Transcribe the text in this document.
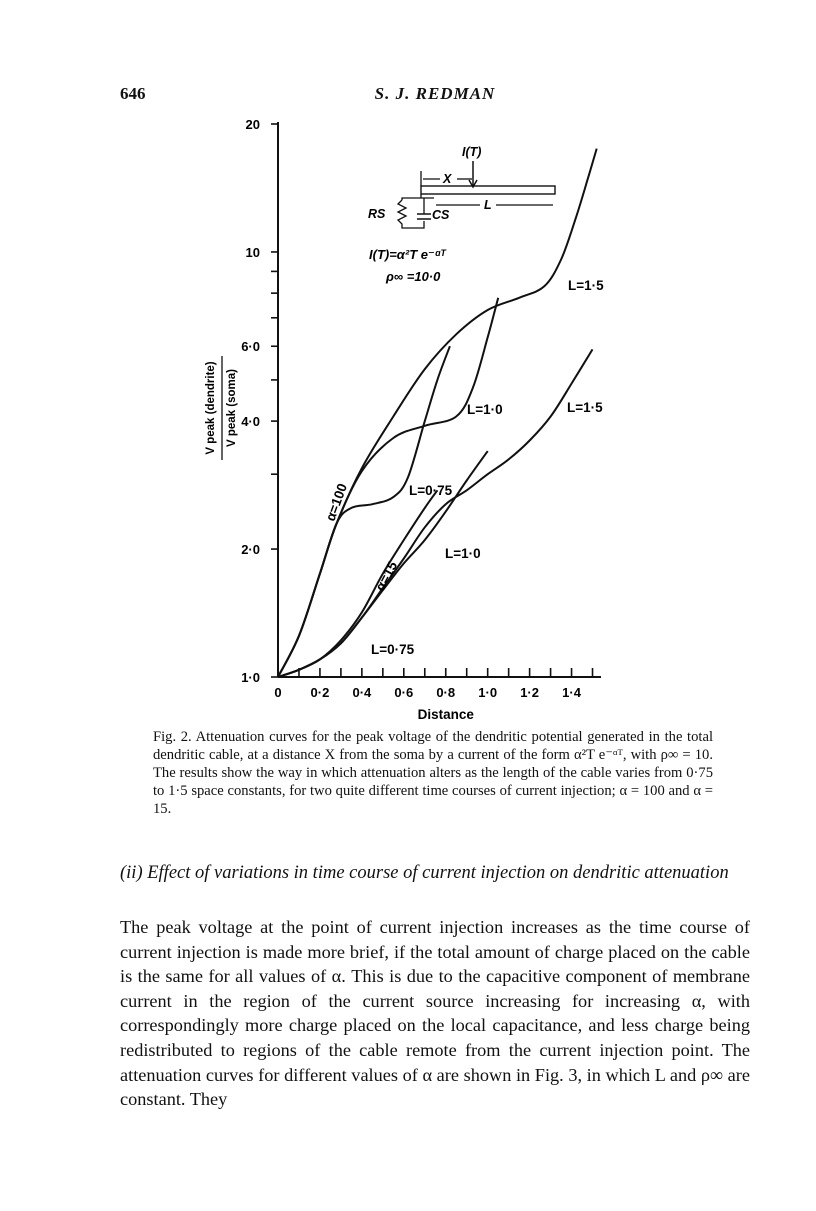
646	S. J. REDMAN
1·0
2·0
4·0
6·0
10
20
0 0·2 0·4 0·6 0·8 1·0 1·2 1·4
Distance
V peak (dendrite) V peak (soma)
L=0·75
L=1·0
L=1·5
L=0·75
L=1·0
L=1·5
α=100
α=15
I(T)
X
L
RS	CS
I(T)=α²T e⁻ᵅᵀ
ρ∞ =10·0
Fig. 2. Attenuation curves for the peak voltage of the dendritic potential generated in the total dendritic cable, at a distance X from the soma by a current of the form α²T e⁻ᵅᵀ, with ρ∞ = 10. The results show the way in which attenuation alters as the length of the cable varies from 0·75 to 1·5 space constants, for two quite different time courses of current injection; α = 100 and α = 15.
(ii) Effect of variations in time course of current injection on dendritic attenuation

The peak voltage at the point of current injection increases as the time course of current injection is made more brief, if the total amount of charge placed on the cable is the same for all values of α. This is due to the capacitive component of membrane current in the region of the current source increasing for increasing α, with correspondingly more charge placed on the local capacitance, and less charge being redistributed to regions of the cable remote from the current injection point. The attenuation curves for different values of α are shown in Fig. 3, in which L and ρ∞ are constant. They
